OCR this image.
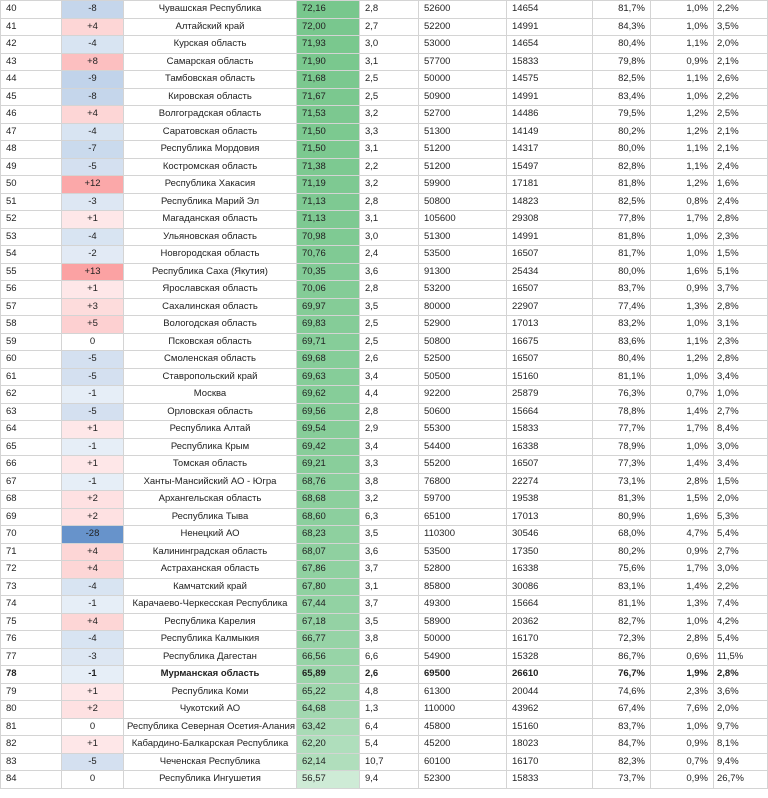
40	-8	Чувашская Республика	72,16	2,8	52600	14654	81,7%	1,0%	2,2%
41	+4	Алтайский край	72,00	2,7	52200	14991	84,3%	1,0%	3,5%
42	-4	Курская область	71,93	3,0	53000	14654	80,4%	1,1%	2,0%
43	+8	Самарская область	71,90	3,1	57700	15833	79,8%	0,9%	2,1%
44	-9	Тамбовская область	71,68	2,5	50000	14575	82,5%	1,1%	2,6%
45	-8	Кировская область	71,67	2,5	50900	14991	83,4%	1,0%	2,2%
46	+4	Волгоградская область	71,53	3,2	52700	14486	79,5%	1,2%	2,5%
47	-4	Саратовская область	71,50	3,3	51300	14149	80,2%	1,2%	2,1%
48	-7	Республика Мордовия	71,50	3,1	51200	14317	80,0%	1,1%	2,1%
49	-5	Костромская область	71,38	2,2	51200	15497	82,8%	1,1%	2,4%
50	+12	Республика Хакасия	71,19	3,2	59900	17181	81,8%	1,2%	1,6%
51	-3	Республика Марий Эл	71,13	2,8	50800	14823	82,5%	0,8%	2,4%
52	+1	Магаданская область	71,13	3,1	105600	29308	77,8%	1,7%	2,8%
53	-4	Ульяновская область	70,98	3,0	51300	14991	81,8%	1,0%	2,3%
54	-2	Новгородская область	70,76	2,4	53500	16507	81,7%	1,0%	1,5%
55	+13	Республика Саха (Якутия)	70,35	3,6	91300	25434	80,0%	1,6%	5,1%
56	+1	Ярославская область	70,06	2,8	53200	16507	83,7%	0,9%	3,7%
57	+3	Сахалинская область	69,97	3,5	80000	22907	77,4%	1,3%	2,8%
58	+5	Вологодская область	69,83	2,5	52900	17013	83,2%	1,0%	3,1%
59	0	Псковская область	69,71	2,5	50800	16675	83,6%	1,1%	2,3%
60	-5	Смоленская область	69,68	2,6	52500	16507	80,4%	1,2%	2,8%
61	-5	Ставропольский край	69,63	3,4	50500	15160	81,1%	1,0%	3,4%
62	-1	Москва	69,62	4,4	92200	25879	76,3%	0,7%	1,0%
63	-5	Орловская область	69,56	2,8	50600	15664	78,8%	1,4%	2,7%
64	+1	Республика Алтай	69,54	2,9	55300	15833	77,7%	1,7%	8,4%
65	-1	Республика Крым	69,42	3,4	54400	16338	78,9%	1,0%	3,0%
66	+1	Томская область	69,21	3,3	55200	16507	77,3%	1,4%	3,4%
67	-1	Ханты-Мансийский АО - Югра	68,76	3,8	76800	22274	73,1%	2,8%	1,5%
68	+2	Архангельская область	68,68	3,2	59700	19538	81,3%	1,5%	2,0%
69	+2	Республика Тыва	68,60	6,3	65100	17013	80,9%	1,6%	5,3%
70	-28	Ненецкий АО	68,23	3,5	110300	30546	68,0%	4,7%	5,4%
71	+4	Калининградская область	68,07	3,6	53500	17350	80,2%	0,9%	2,7%
72	+4	Астраханская область	67,86	3,7	52800	16338	75,6%	1,7%	3,0%
73	-4	Камчатский край	67,80	3,1	85800	30086	83,1%	1,4%	2,2%
74	-1	Карачаево-Черкесская Республика	67,44	3,7	49300	15664	81,1%	1,3%	7,4%
75	+4	Республика Карелия	67,18	3,5	58900	20362	82,7%	1,0%	4,2%
76	-4	Республика Калмыкия	66,77	3,8	50000	16170	72,3%	2,8%	5,4%
77	-3	Республика Дагестан	66,56	6,6	54900	15328	86,7%	0,6%	11,5%
78	-1	Мурманская область	65,89	2,6	69500	26610	76,7%	1,9%	2,8%
79	+1	Республика Коми	65,22	4,8	61300	20044	74,6%	2,3%	3,6%
80	+2	Чукотский АО	64,68	1,3	110000	43962	67,4%	7,6%	2,0%
81	0	Республика Северная Осетия-Алания	63,42	6,4	45800	15160	83,7%	1,0%	9,7%
82	+1	Кабардино-Балкарская Республика	62,20	5,4	45200	18023	84,7%	0,9%	8,1%
83	-5	Чеченская Республика	62,14	10,7	60100	16170	82,3%	0,7%	9,4%
84	0	Республика Ингушетия	56,57	9,4	52300	15833	73,7%	0,9%	26,7%
